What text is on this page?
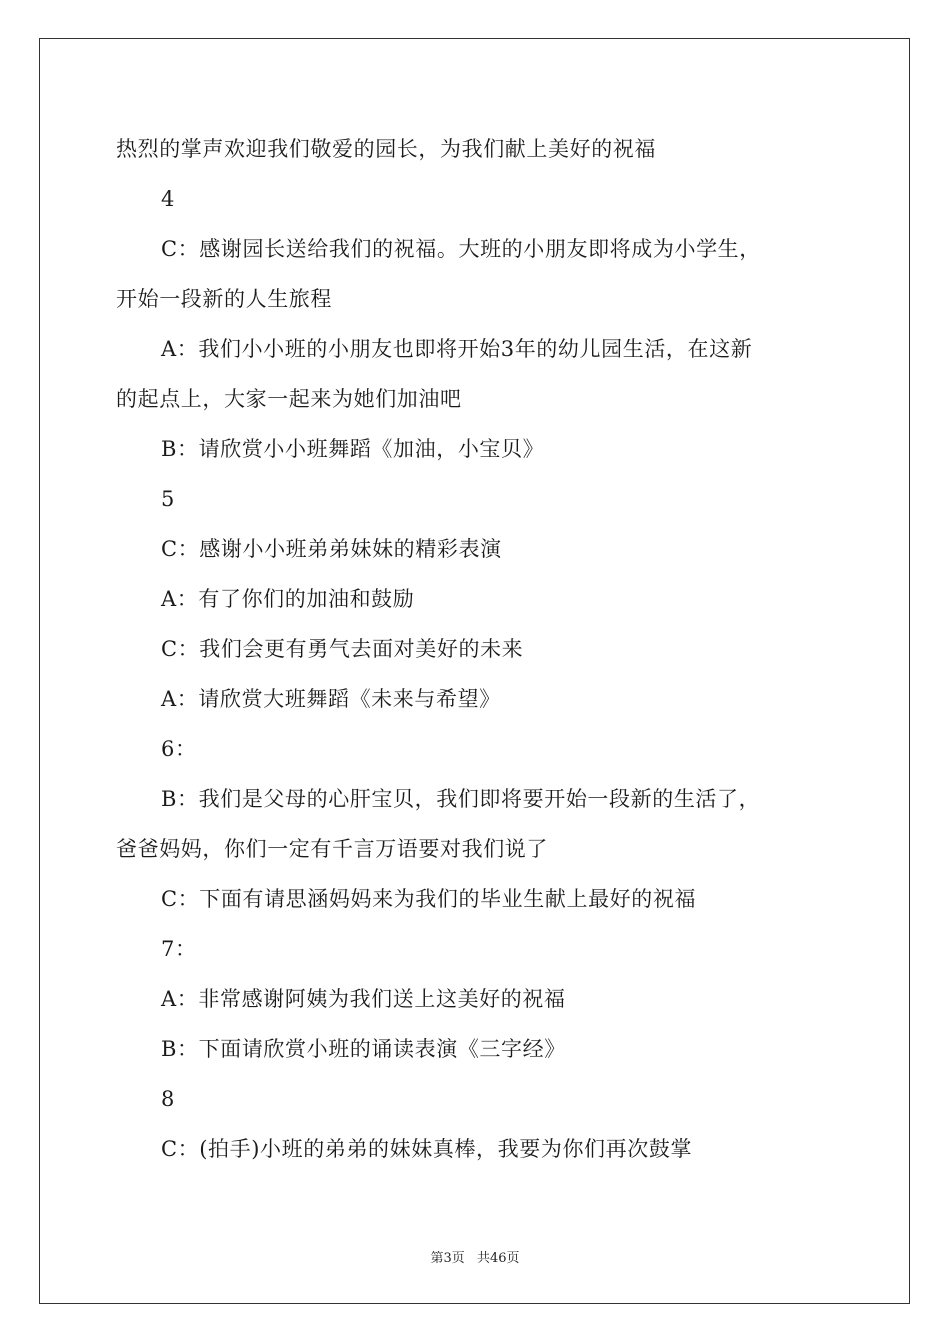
热烈的掌声欢迎我们敬爱的园长，为我们献上美好的祝福
4
C：感谢园长送给我们的祝福。大班的小朋友即将成为小学生，
开始一段新的人生旅程
A：我们小小班的小朋友也即将开始3年的幼儿园生活，在这新
的起点上，大家一起来为她们加油吧
B：请欣赏小小班舞蹈《加油，小宝贝》
5
C：感谢小小班弟弟妹妹的精彩表演
A：有了你们的加油和鼓励
C：我们会更有勇气去面对美好的未来
A：请欣赏大班舞蹈《未来与希望》
6：
B：我们是父母的心肝宝贝，我们即将要开始一段新的生活了，
爸爸妈妈，你们一定有千言万语要对我们说了
C：下面有请思涵妈妈来为我们的毕业生献上最好的祝福
7：
A：非常感谢阿姨为我们送上这美好的祝福
B：下面请欣赏小班的诵读表演《三字经》
8
C：(拍手)小班的弟弟的妹妹真棒，我要为你们再次鼓掌
第3页 共46页
